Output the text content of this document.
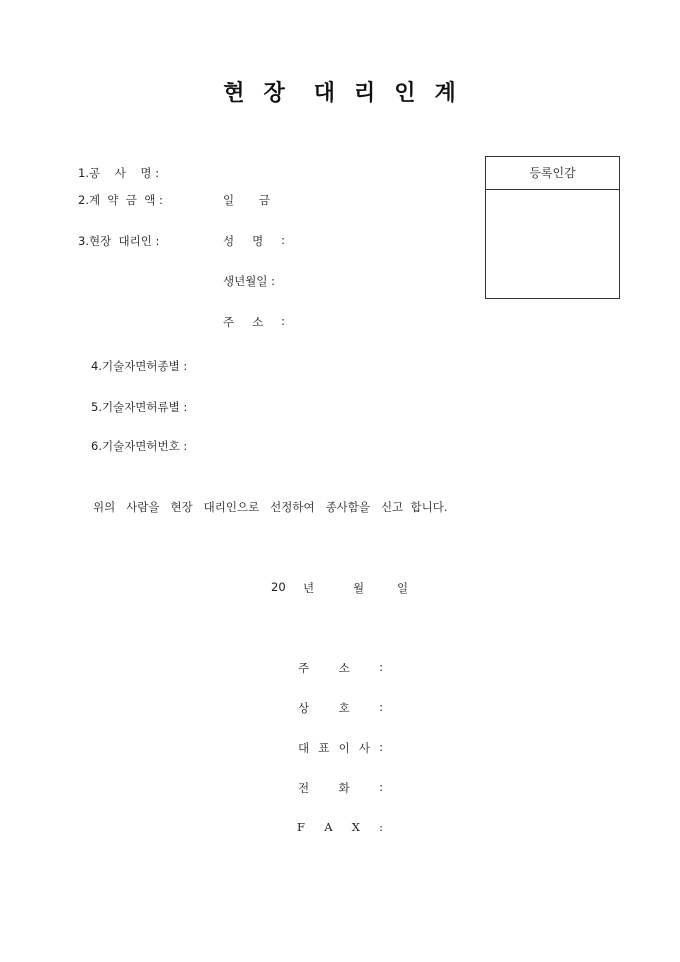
현 장 대 리 인 계
등록인감
1.공    사    명 :
2.계  약  금  액 :	일 금
3.현장  대리인 :	성 명 :
생년월일 :
주 소 :
4.기술자면허종별 :
5.기술자면허류별 :
6.기술자면허번호 :
위의   사람을   현장   대리인으로   선정하여   종사함을   신고  합니다.
20 년	월	일
주	소	:
상	호	:
대 표 이 사 :
전	화	:
F A X :
